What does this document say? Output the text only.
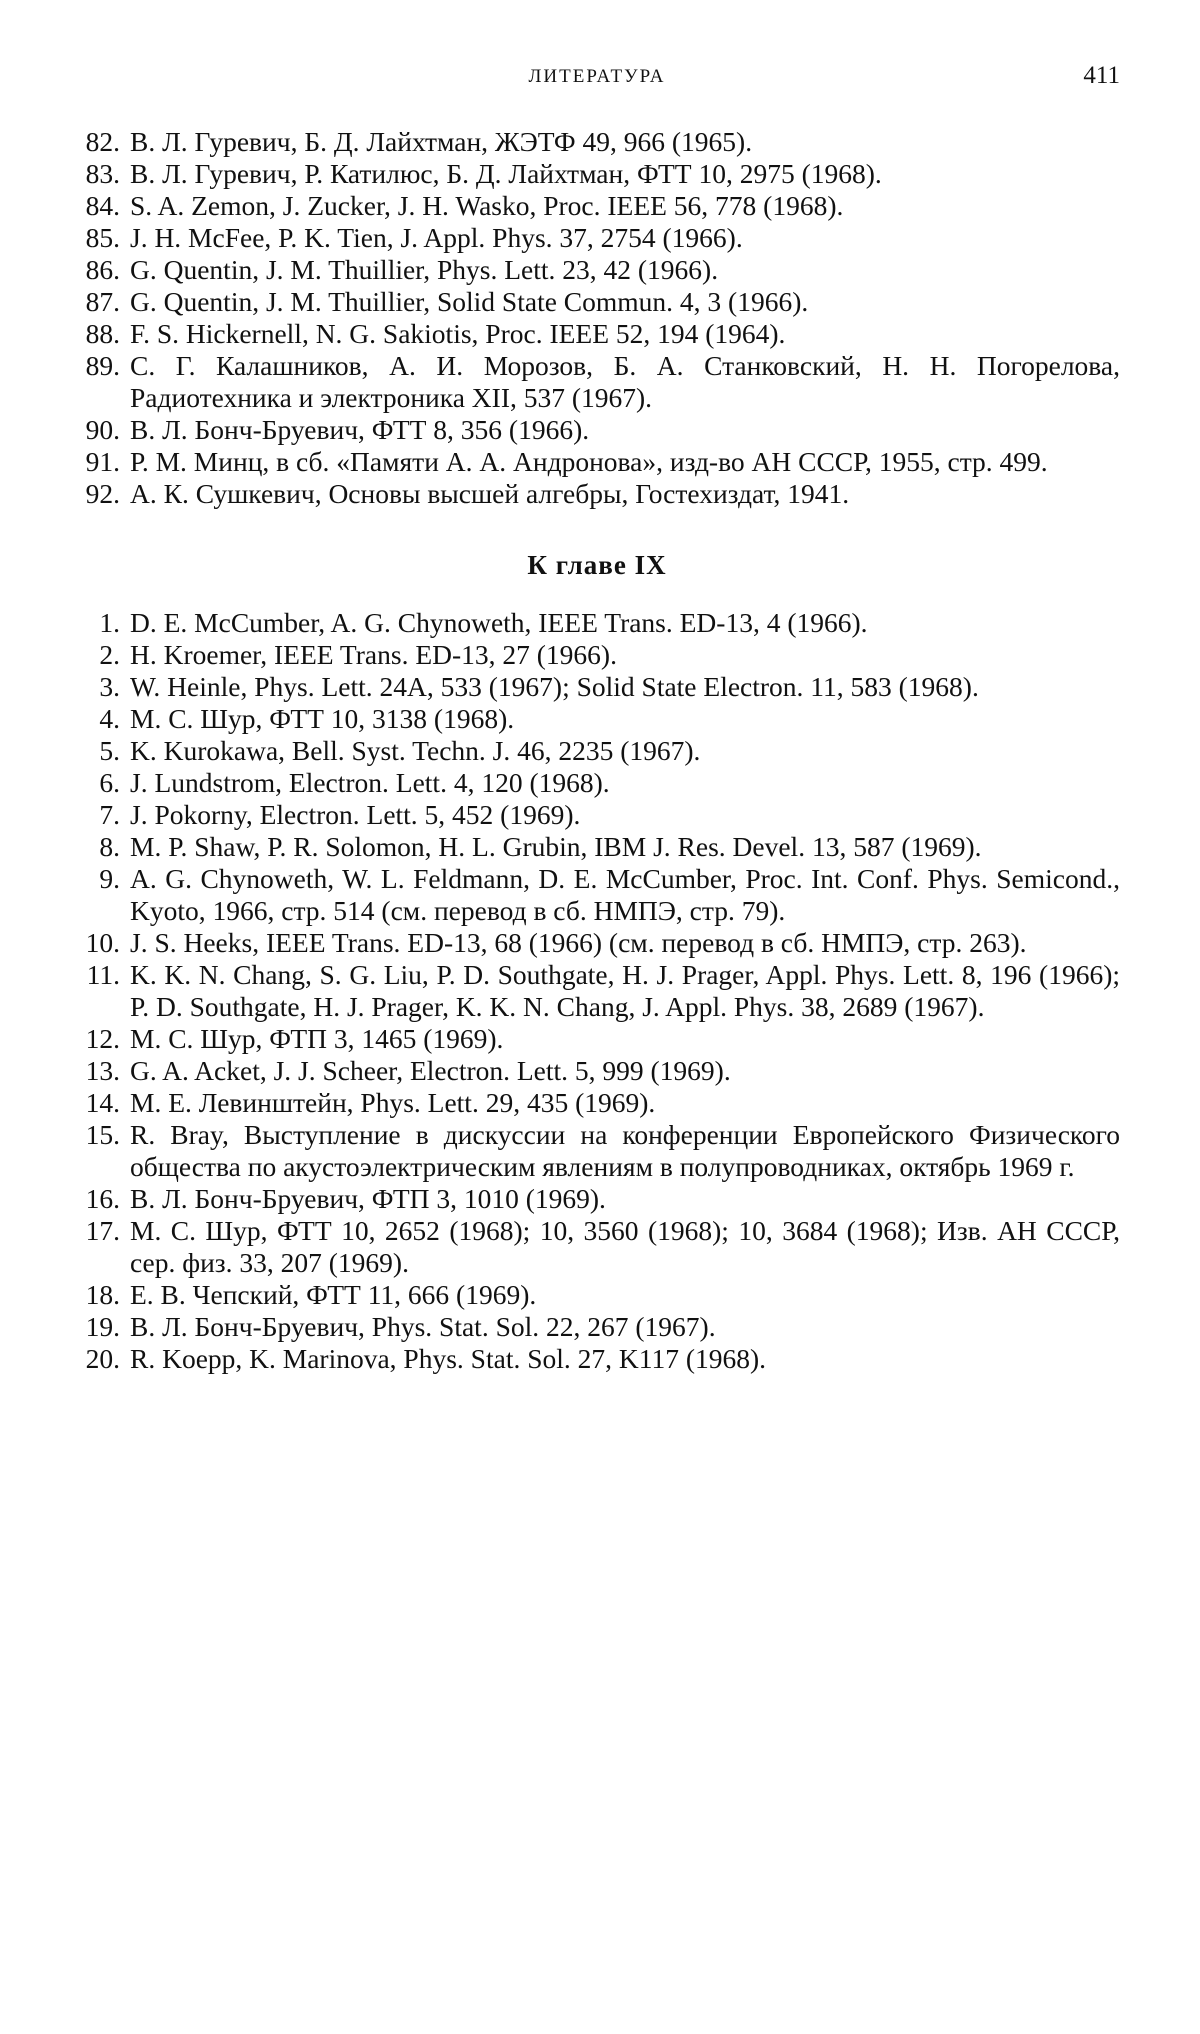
ЛИТЕРАТУРА	411
82. В. Л. Гуревич, Б. Д. Лайхтман, ЖЭТФ 49, 966 (1965).
83. В. Л. Гуревич, Р. Катилюс, Б. Д. Лайхтман, ФТТ 10, 2975 (1968).
84. S. A. Zemon, J. Zucker, J. H. Wasko, Proc. IEEE 56, 778 (1968).
85. J. H. McFee, P. K. Tien, J. Appl. Phys. 37, 2754 (1966).
86. G. Quentin, J. M. Thuillier, Phys. Lett. 23, 42 (1966).
87. G. Quentin, J. M. Thuillier, Solid State Commun. 4, 3 (1966).
88. F. S. Hickernell, N. G. Sakiotis, Proc. IEEE 52, 194 (1964).
89. С. Г. Калашников, А. И. Морозов, Б. А. Станковский, Н. Н. Погорелова, Радиотехника и электроника XII, 537 (1967).
90. В. Л. Бонч-Бруевич, ФТТ 8, 356 (1966).
91. Р. М. Минц, в сб. «Памяти А. А. Андронова», изд-во АН СССР, 1955, стр. 499.
92. А. К. Сушкевич, Основы высшей алгебры, Гостехиздат, 1941.
К главе IX
1. D. E. McCumber, A. G. Chynoweth, IEEE Trans. ED-13, 4 (1966).
2. H. Kroemer, IEEE Trans. ED-13, 27 (1966).
3. W. Heinle, Phys. Lett. 24A, 533 (1967); Solid State Electron. 11, 583 (1968).
4. М. С. Шур, ФТТ 10, 3138 (1968).
5. K. Kurokawa, Bell. Syst. Techn. J. 46, 2235 (1967).
6. J. Lundstrom, Electron. Lett. 4, 120 (1968).
7. J. Pokorny, Electron. Lett. 5, 452 (1969).
8. M. P. Shaw, P. R. Solomon, H. L. Grubin, IBM J. Res. Devel. 13, 587 (1969).
9. A. G. Chynoweth, W. L. Feldmann, D. E. McCumber, Proc. Int. Conf. Phys. Semicond., Kyoto, 1966, стр. 514 (см. перевод в сб. НМПЭ, стр. 79).
10. J. S. Heeks, IEEE Trans. ED-13, 68 (1966) (см. перевод в сб. НМПЭ, стр. 263).
11. K. K. N. Chang, S. G. Liu, P. D. Southgate, H. J. Prager, Appl. Phys. Lett. 8, 196 (1966); P. D. Southgate, H. J. Prager, K. K. N. Chang, J. Appl. Phys. 38, 2689 (1967).
12. М. С. Шур, ФТП 3, 1465 (1969).
13. G. A. Acket, J. J. Scheer, Electron. Lett. 5, 999 (1969).
14. М. Е. Левинштейн, Phys. Lett. 29, 435 (1969).
15. R. Bray, Выступление в дискуссии на конференции Европейского Физического общества по акустоэлектрическим явлениям в полупроводниках, октябрь 1969 г.
16. В. Л. Бонч-Бруевич, ФТП 3, 1010 (1969).
17. М. С. Шур, ФТТ 10, 2652 (1968); 10, 3560 (1968); 10, 3684 (1968); Изв. АН СССР, сер. физ. 33, 207 (1969).
18. Е. В. Чепский, ФТТ 11, 666 (1969).
19. В. Л. Бонч-Бруевич, Phys. Stat. Sol. 22, 267 (1967).
20. R. Koepp, K. Marinova, Phys. Stat. Sol. 27, K117 (1968).
